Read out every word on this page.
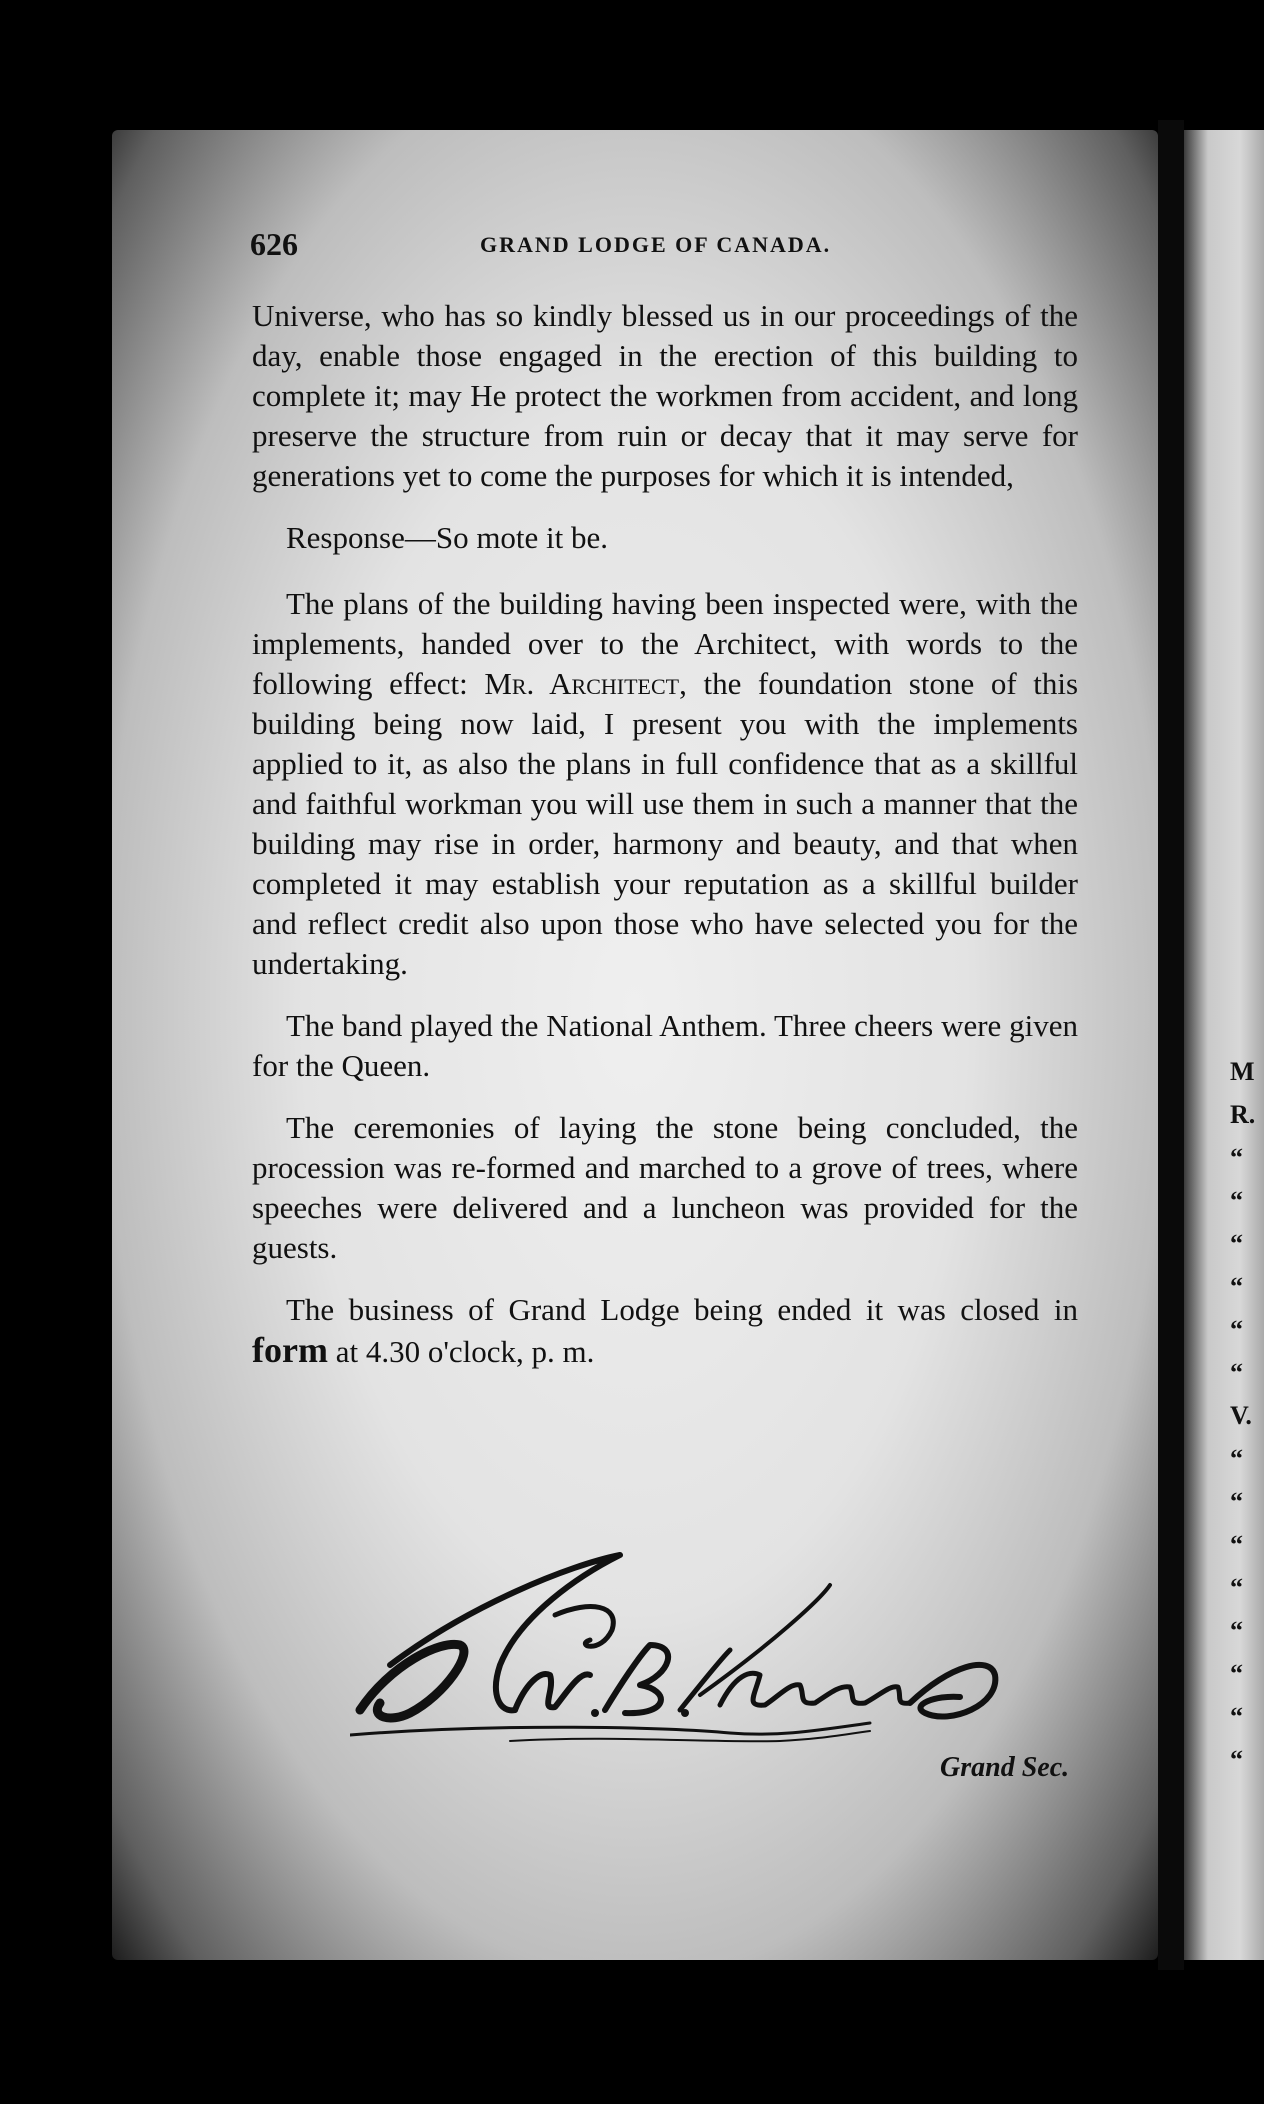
626	GRAND LODGE OF CANADA.

Universe, who has so kindly blessed us in our proceedings of the day, enable those engaged in the erection of this building to complete it; may He protect the workmen from accident, and long preserve the structure from ruin or decay that it may serve for generations yet to come the purposes for which it is intended,

Response—So mote it be.

The plans of the building having been inspected were, with the implements, handed over to the Architect, with words to the following effect: Mr. Architect, the foundation stone of this building being now laid, I present you with the implements applied to it, as also the plans in full confidence that as a skillful and faithful workman you will use them in such a manner that the building may rise in order, harmony and beauty, and that when completed it may establish your reputation as a skillful builder and reflect credit also upon those who have selected you for the undertaking.

The band played the National Anthem. Three cheers were given for the Queen.

The ceremonies of laying the stone being concluded, the procession was re-formed and marched to a grove of trees, where speeches were delivered and a luncheon was provided for the guests.

The business of Grand Lodge being ended it was closed in form at 4.30 o'clock, p. m.

Grand Sec.
M
R.
“
“
“
“
“
“
V.
“
“
“
“
“
“
“
“
